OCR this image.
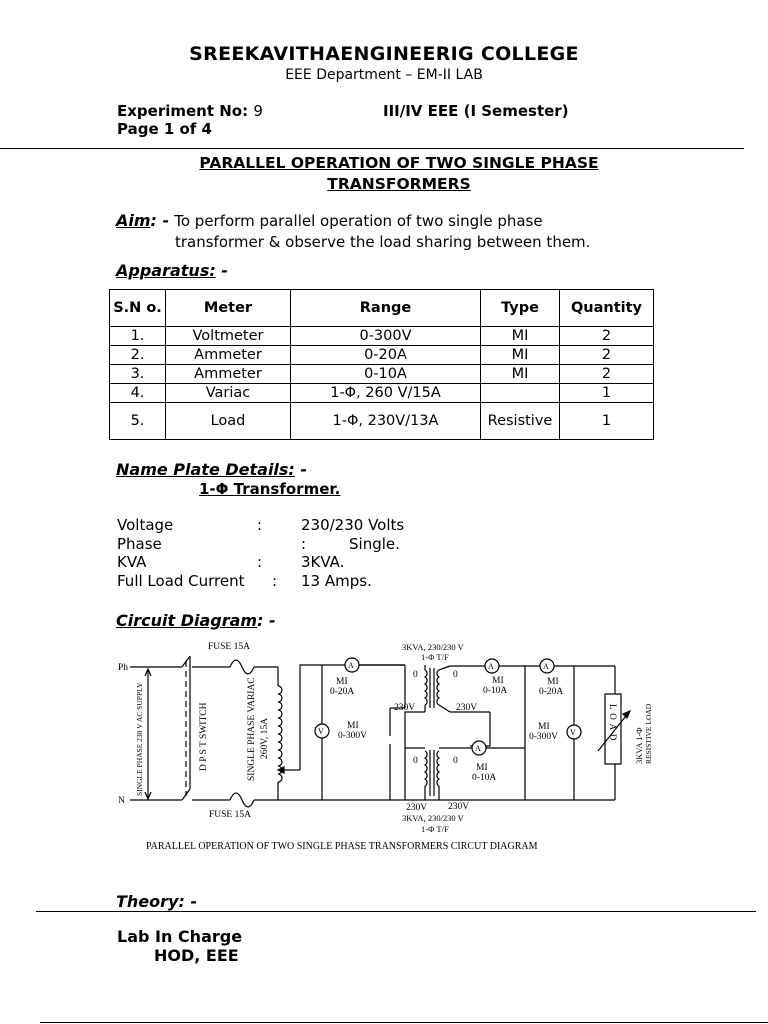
SREEKAVITHAENGINEERIG COLLEGE
EEE Department – EM-II LAB
Experiment No: 9	III/IV EEE (I Semester)
Page 1 of 4
PARALLEL OPERATION OF TWO SINGLE PHASE
TRANSFORMERS
Aim: - To perform parallel operation of two single phase
transformer & observe the load sharing between them.
Apparatus: -
S.N o.	Meter	Range	Type	Quantity
1.	Voltmeter	0-300V	MI	2
2.	Ammeter	0-20A	MI	2
3.	Ammeter	0-10A	MI	2
4.	Variac	1-Φ, 260 V/15A		1
5.	Load	1-Φ, 230V/13A	Resistive	1
Name Plate Details: -
1-Φ Transformer.
Voltage	:	230/230 Volts
Phase	:	Single.
KVA	:	3KVA.
Full Load Current : 13 Amps.
Circuit Diagram: -
FUSE 15A
FUSE 15A
Ph
N
SINGLE PHASE 230 V AC SUPPLY	D P S T SWITCH	SINGLE PHASE VARIAC 260V, 15A
3KVA, 230/230 V
1-Φ T/F
3KVA, 230/230 V
1-Φ T/F
MI
0-20A
MI
0-300V
MI
0-10A
MI
0-20A
MI
0-300V
MI
0-10A
230V	230V
230V 230V
0	0
0	0
A	A
A
A
V	V	L O A D
3KVA 1-Φ RESISTIVE LOAD
PARALLEL OPERATION OF TWO SINGLE PHASE TRANSFORMERS CIRCUT DIAGRAM
Theory: -
Lab In Charge
HOD, EEE
